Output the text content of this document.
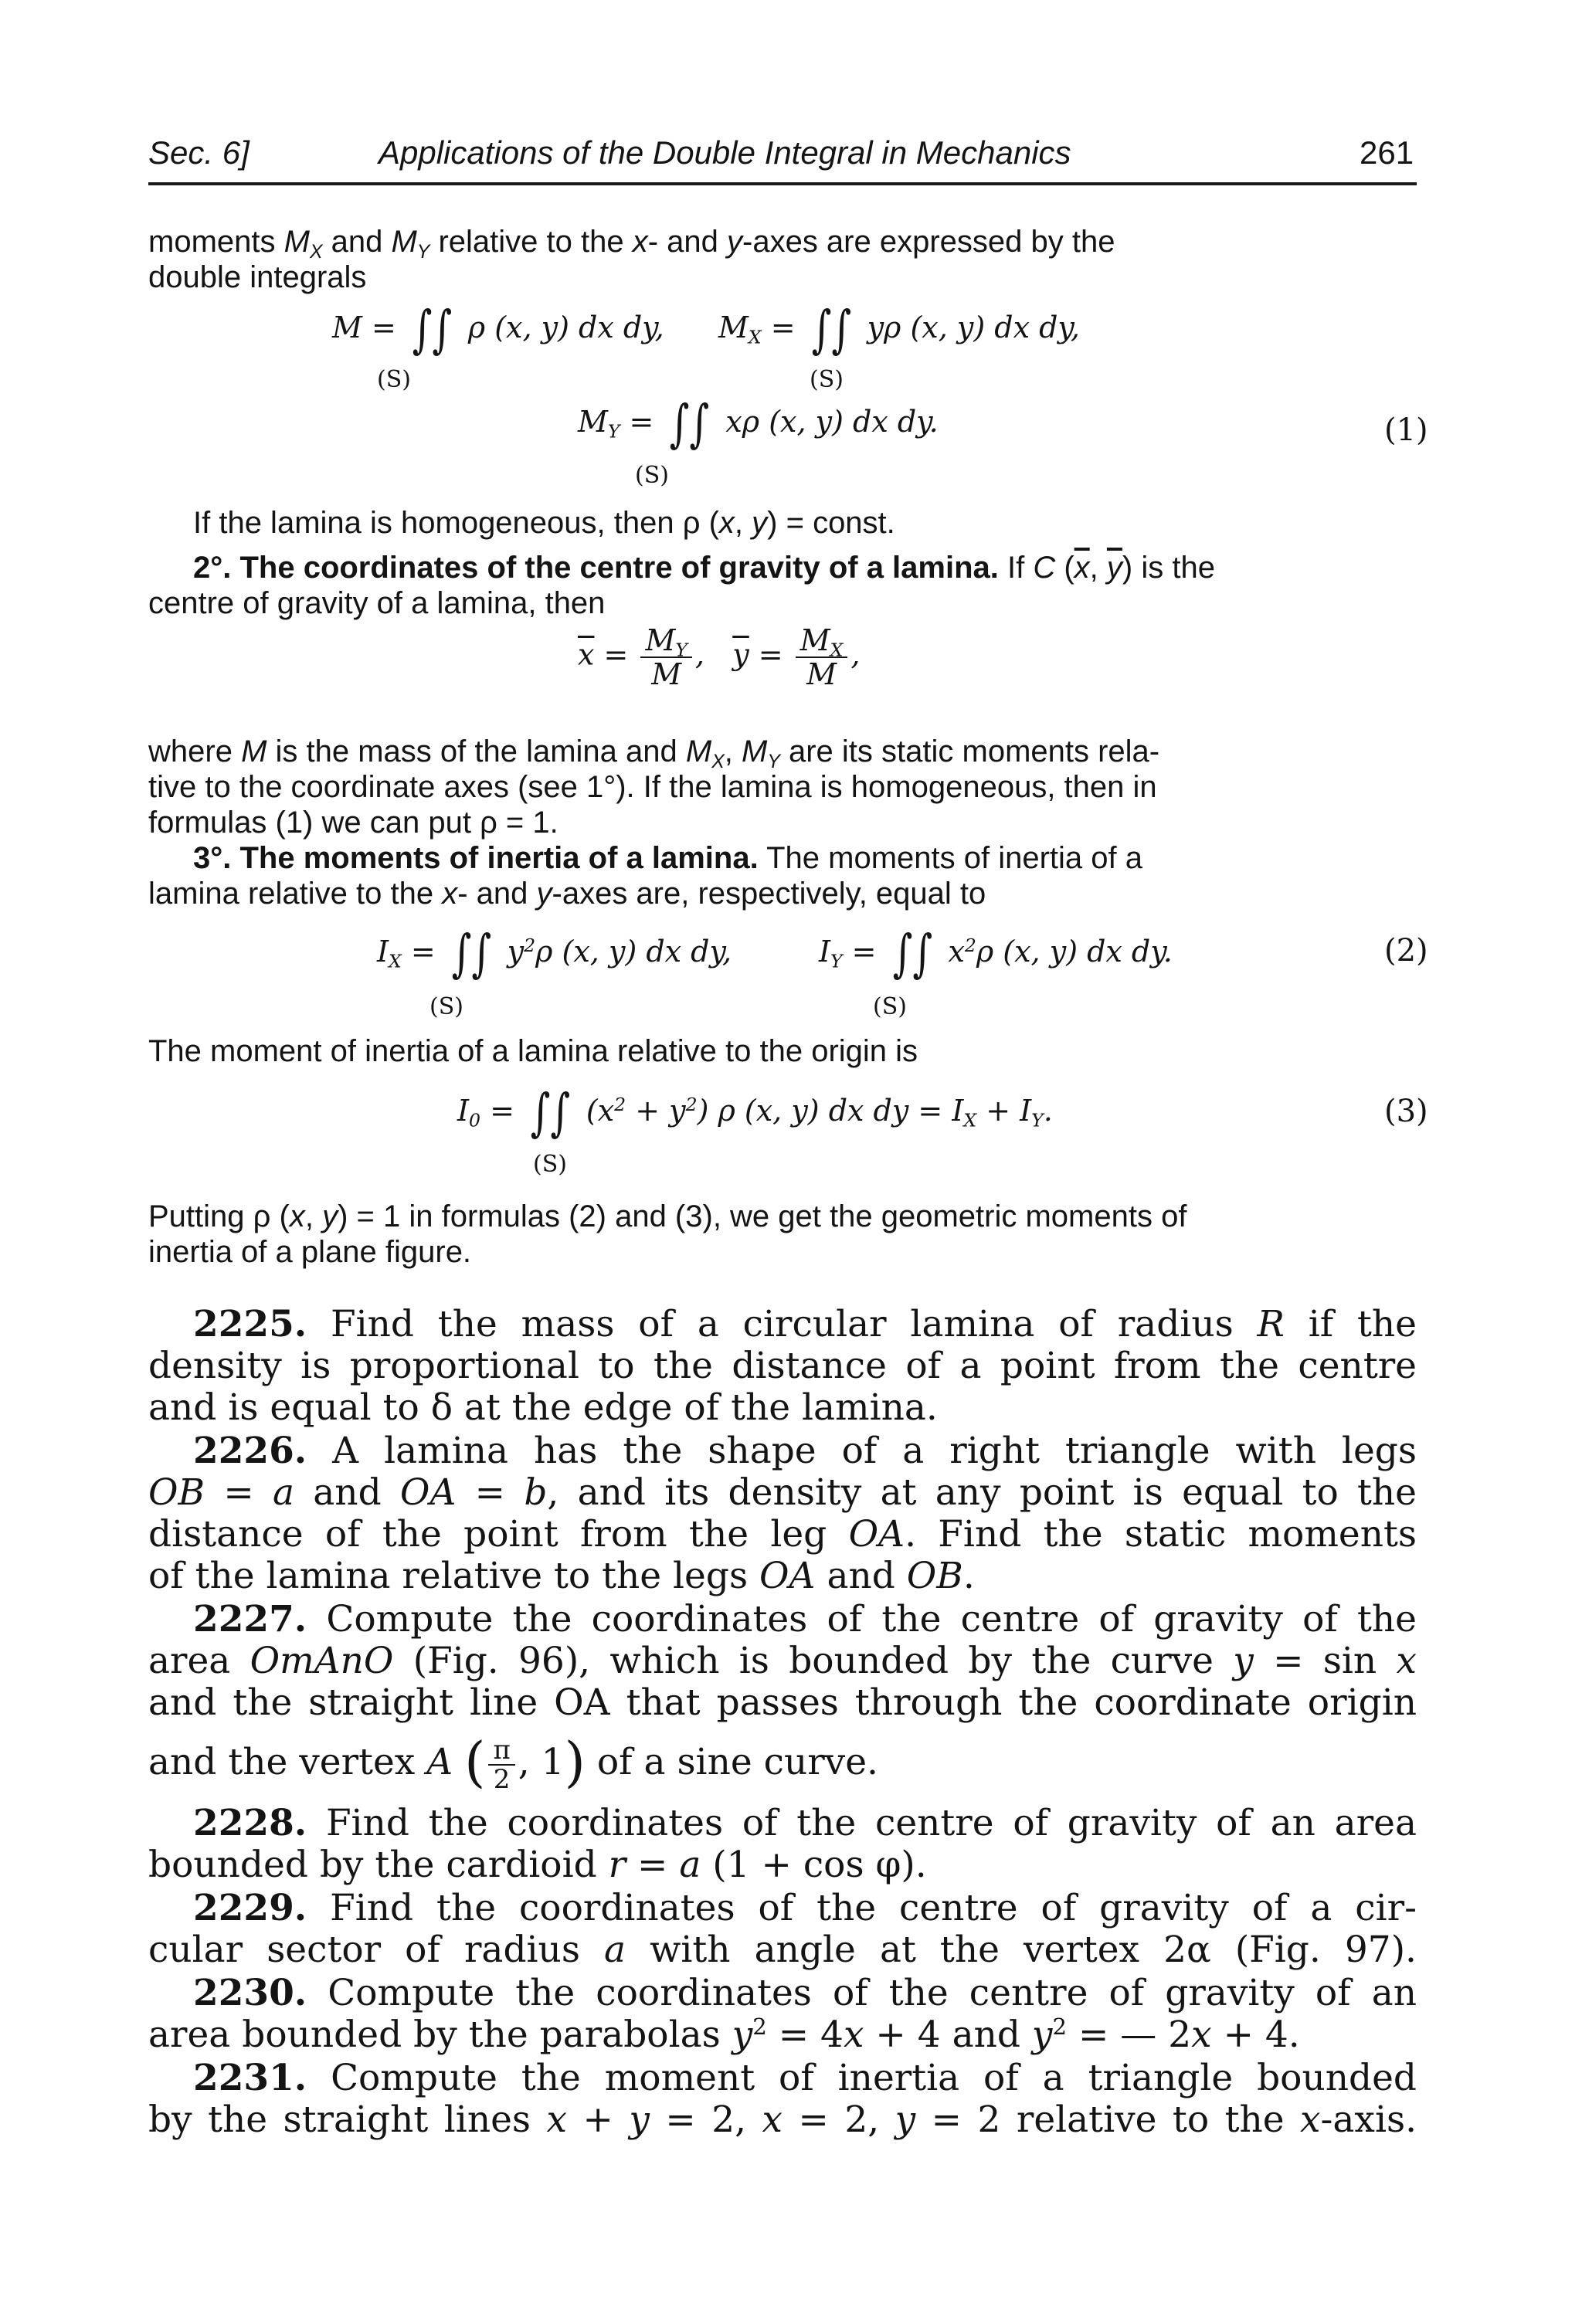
Sec. 6]	Applications of the Double Integral in Mechanics	261
moments $M_X$ and $M_Y$ relative to the x- and y-axes are expressed by the
double integrals
M = ∫∫ ρ (x, y) dx dy, $M_X$ = ∫∫ yρ (x, y) dx dy,
(S)	(S)
$M_Y$ = ∫∫ xρ (x, y) dx dy.
(S)
(1)
If the lamina is homogeneous, then ρ (x, y) = const.
2°. The coordinates of the centre of gravity of a lamina. If C ($\overline{x}$, $\overline{y}$) is the
centre of gravity of a lamina, then
$\overline{x} = \frac{M_Y}{M}$ ,   $\overline{y} = \frac{M_X}{M}$ ,
where M is the mass of the lamina and $M_X$, $M_Y$ are its static moments rela-
tive to the coordinate axes (see 1°). If the lamina is homogeneous, then in
formulas (1) we can put ρ = 1.
3°. The moments of inertia of a lamina. The moments of inertia of a
lamina relative to the x- and y-axes are, respectively, equal to
$I_X$ = ∫∫ $y^2\rho$ (x, y) dx dy,	$I_Y$ = ∫∫ $x^2\rho$ (x, y) dx dy.	(2)
(S)	(S)
The moment of inertia of a lamina relative to the origin is
$I_0$ = ∫∫ $(x^2 + y^2)$ ρ (x, y) dx dy = $I_X + I_Y$.	(3)
(S)
Putting ρ (x, y) = 1 in formulas (2) and (3), we get the geometric moments of
inertia of a plane figure.
2225. Find the mass of a circular lamina of radius R if the
density is proportional to the distance of a point from the centre
and is equal to δ at the edge of the lamina.
2226. A lamina has the shape of a right triangle with legs
OB = a and OA = b, and its density at any point is equal to the
distance of the point from the leg OA. Find the static moments
of the lamina relative to the legs OA and OB.
2227. Compute the coordinates of the centre of gravity of the
area OmAnO (Fig. 96), which is bounded by the curve y = sin x
and the straight line OA that passes through the coordinate origin
and the vertex A ( $\frac{\pi}{2}$ , 1) of a sine curve.
2228. Find the coordinates of the centre of gravity of an area
bounded by the cardioid r = a (1 + cos φ).
2229. Find the coordinates of the centre of gravity of a cir-
cular sector of radius a with angle at the vertex 2α (Fig. 97).
2230. Compute the coordinates of the centre of gravity of an
area bounded by the parabolas $y^2 = 4x + 4$ and $y^2$ = — 2x + 4.
2231. Compute the moment of inertia of a triangle bounded
by the straight lines x + y = 2, x = 2, y = 2 relative to the x-axis.
